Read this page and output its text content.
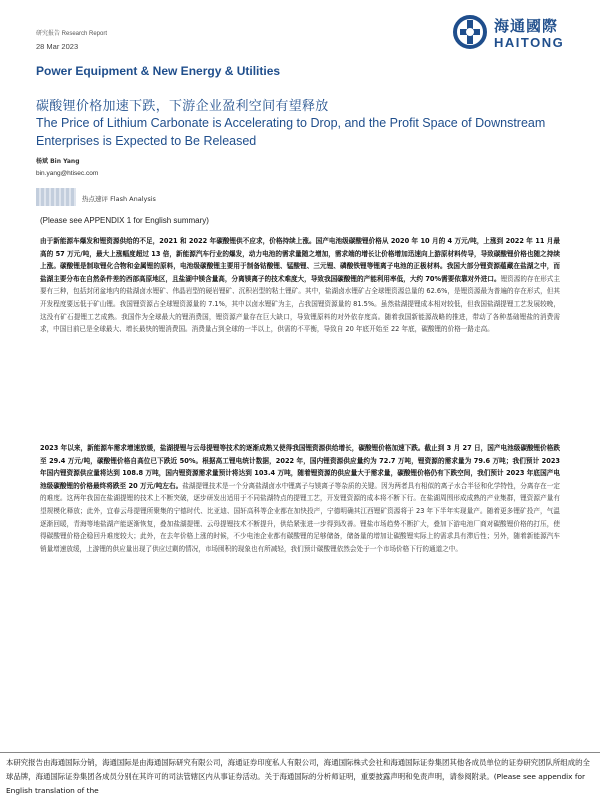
研究报告 Research Report
28 Mar 2023
海通國際
HAITONG
Power Equipment & New Energy & Utilities
碳酸锂价格加速下跌，下游企业盈利空间有望释放
The Price of Lithium Carbonate is Accelerating to Drop, and the Profit Space of Downstream Enterprises is Expected to Be Released
杨斌 Bin Yang
bin.yang@htisec.com
热点速评 Flash Analysis
(Please see APPENDIX 1 for English summary)
由于新能源车爆发和锂资源供给的不足，2021 和 2022 年碳酸锂供不应求，价格持续上涨。国产电池级碳酸锂价格从 2020 年 10 月的 4 万元/吨，上涨到 2022 年 11 月最高的 57 万元/吨，最大上涨幅度超过 13 倍，新能源汽车行业的爆发，动力电池的需求量随之增加，需求端的增长让价格增加迅速向上游原材料传导，导致碳酸锂价格也随之持续上涨。碳酸锂是制取锂化合物和金属锂的原料，电池级碳酸锂主要用于制备钴酸锂、锰酸锂、三元锂、磷酸铁锂等锂离子电池的正极材料。我国大部分锂资源蕴藏在盐湖之中，而盐湖主要分布在自然条件差的西部高原地区，且盐湖中镁含量高，分离镁离子的技术难度大，导致我国碳酸锂的产能利用率低，大约 70%需要依靠对外进口。锂资源的存在形式主要有三种，包括封闭盆地内的盐湖卤水锂矿、伟晶岩型的硬岩锂矿、沉积岩型的粘土锂矿。其中，盐湖卤水锂矿占全球锂资源总量的 62.6%，是锂资源最为普遍的存在形式，但其开发程度要远低于矿山锂。我国锂资源占全球锂资源量的 7.1%，其中以卤水锂矿为主，占我国锂资源量的 81.5%。虽然盐湖提锂成本相对较低，但我国盐湖提锂工艺发展较晚，这没有矿石提锂工艺成熟。我国作为全球最大的锂消费国，锂资源产量存在巨大缺口，导致锂原料的对外依存度高。随着我国新能源战略的推进，带动了各种基础锂盐的消费需求，中国目前已是全球最大、增长最快的锂消费国。消费量占到全球的一半以上，供需的不平衡，导致自 20 年底开始至 22 年底，碳酸锂的价格一路走高。
2023 年以来，新能源车需求增速放缓，盐湖提锂与云母提锂等技术的逐渐成熟又使得我国锂资源供给增长，碳酸锂价格加速下跌。截止到 3 月 27 日，国产电池级碳酸锂价格跌至 29.4 万元/吨，碳酸锂价格自高位已下跌近 50%。根据高工锂电统计数据，2022 年，国内锂资源供应量约为 72.7 万吨，锂资源的需求量为 79.6 万吨；我们预计 2023 年国内锂资源供应量将达到 108.8 万吨，国内锂资源需求量预计将达到 103.4 万吨，随着锂资源的供应量大于需求量，碳酸锂价格仍有下跌空间，我们预计 2023 年底国产电池级碳酸锂的价格最终将跌至 20 万元/吨左右。盐湖提锂技术是一个分离盐湖卤水中锂离子与镁离子等杂质的关键。因为两者具有相似的离子水合半径和化学特性，分离存在一定的难度。这两年我国在盐湖提锂的技术上不断突破，逐步研发出适用于不同盐湖特点的提锂工艺，开发锂资源的成本将不断下行。在盐湖周围形成成熟的产业集群，锂资源产量有望规模化释放；此外，宜春云母提锂所聚集的宁德时代、比亚迪、国轩高科等企业都在加快投产，宁德明确其江西锂矿资源将于 23 年下半年实现量产。随着更多锂矿投产，气温逐渐回暖，青海等地盐湖产能逐渐恢复，叠加盐湖提锂、云母提锂技术不断提升，供给紧张进一步得到改善。锂盐市场趋势不断扩大，叠加下游电池厂商对碳酸锂价格的打压，使得碳酸锂价格企稳回升难度较大；此外，在去年价格上涨的时候，不少电池企业都有碳酸锂的足够储备，储备量的增加让碳酸锂实际上的需求具有滞后性；另外，随着新能源汽车销量增速放缓，上游锂的供应量出现了供应过剩的情况，市场囤积的现象也有所减轻，我们预计碳酸锂依然会处于一个市场价格下行的通道之中。
本研究报告由海通国际分销，海通国际是由海通国际研究有限公司，海通证券印度私人有限公司，海通国际株式会社和海通国际证券集团其他各成员单位的证券研究团队所组成的全球品牌，海通国际证券集团各成员分别在其许可的司法管辖区内从事证券活动。关于海通国际的分析师证明，重要披露声明和免责声明，请参阅附录。(Please see appendix for English translation of the
